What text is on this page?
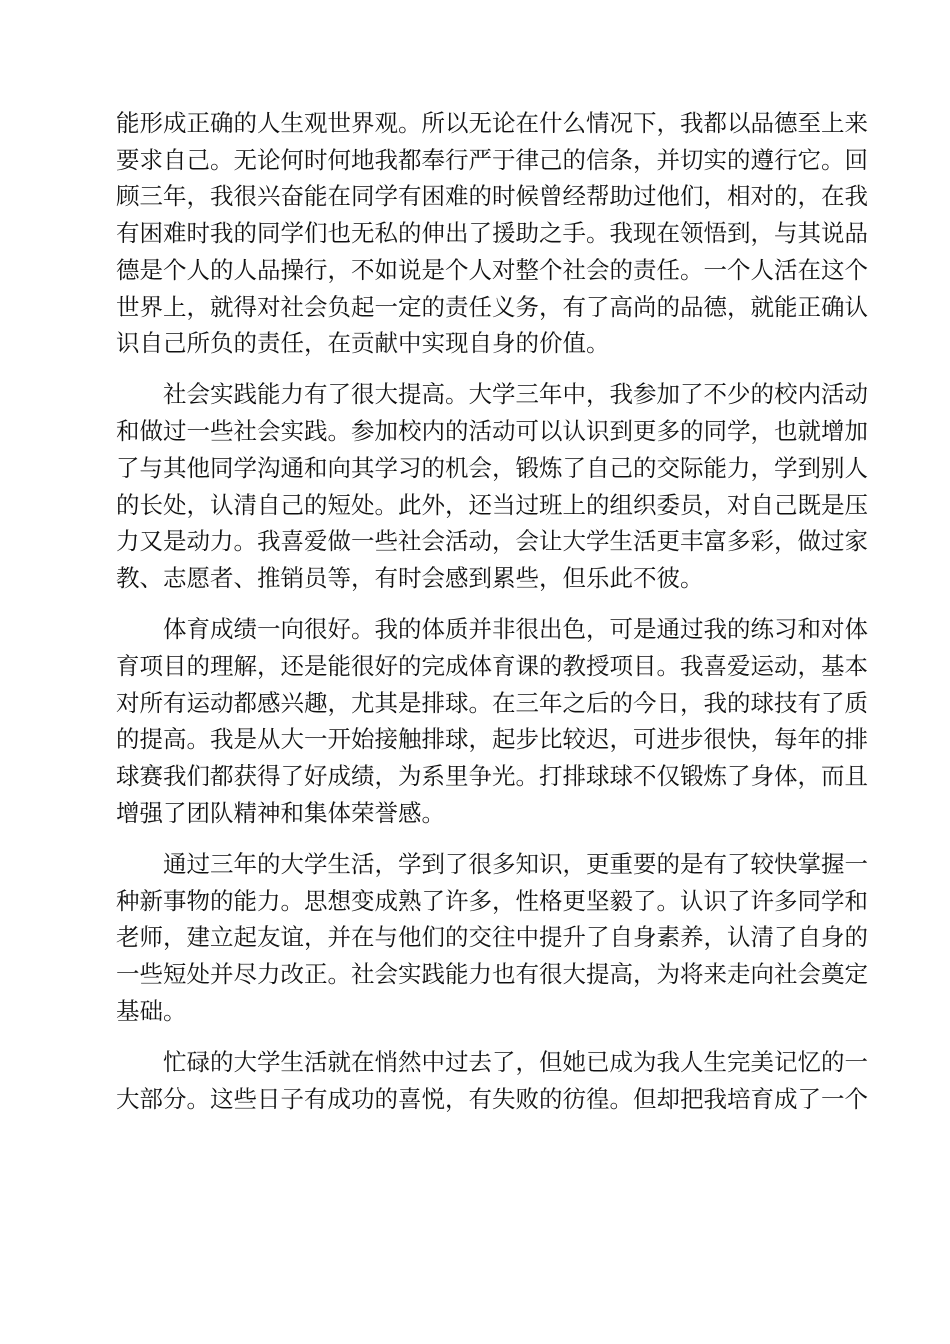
能形成正确的人生观世界观。所以无论在什么情况下，我都以品德至上来
要求自己。无论何时何地我都奉行严于律己的信条，并切实的遵行它。回
顾三年，我很兴奋能在同学有困难的时候曾经帮助过他们，相对的，在我
有困难时我的同学们也无私的伸出了援助之手。我现在领悟到，与其说品
德是个人的人品操行，不如说是个人对整个社会的责任。一个人活在这个
世界上，就得对社会负起一定的责任义务，有了高尚的品德，就能正确认
识自己所负的责任，在贡献中实现自身的价值。
社会实践能力有了很大提高。大学三年中，我参加了不少的校内活动
和做过一些社会实践。参加校内的活动可以认识到更多的同学，也就增加
了与其他同学沟通和向其学习的机会，锻炼了自己的交际能力，学到别人
的长处，认清自己的短处。此外，还当过班上的组织委员，对自己既是压
力又是动力。我喜爱做一些社会活动，会让大学生活更丰富多彩，做过家
教、志愿者、推销员等，有时会感到累些，但乐此不彼。
体育成绩一向很好。我的体质并非很出色，可是通过我的练习和对体
育项目的理解，还是能很好的完成体育课的教授项目。我喜爱运动，基本
对所有运动都感兴趣，尤其是排球。在三年之后的今日，我的球技有了质
的提高。我是从大一开始接触排球，起步比较迟，可进步很快，每年的排
球赛我们都获得了好成绩，为系里争光。打排球球不仅锻炼了身体，而且
增强了团队精神和集体荣誉感。
通过三年的大学生活，学到了很多知识，更重要的是有了较快掌握一
种新事物的能力。思想变成熟了许多，性格更坚毅了。认识了许多同学和
老师，建立起友谊，并在与他们的交往中提升了自身素养，认清了自身的
一些短处并尽力改正。社会实践能力也有很大提高，为将来走向社会奠定
基础。
忙碌的大学生活就在悄然中过去了，但她已成为我人生完美记忆的一
大部分。这些日子有成功的喜悦，有失败的彷徨。但却把我培育成了一个
